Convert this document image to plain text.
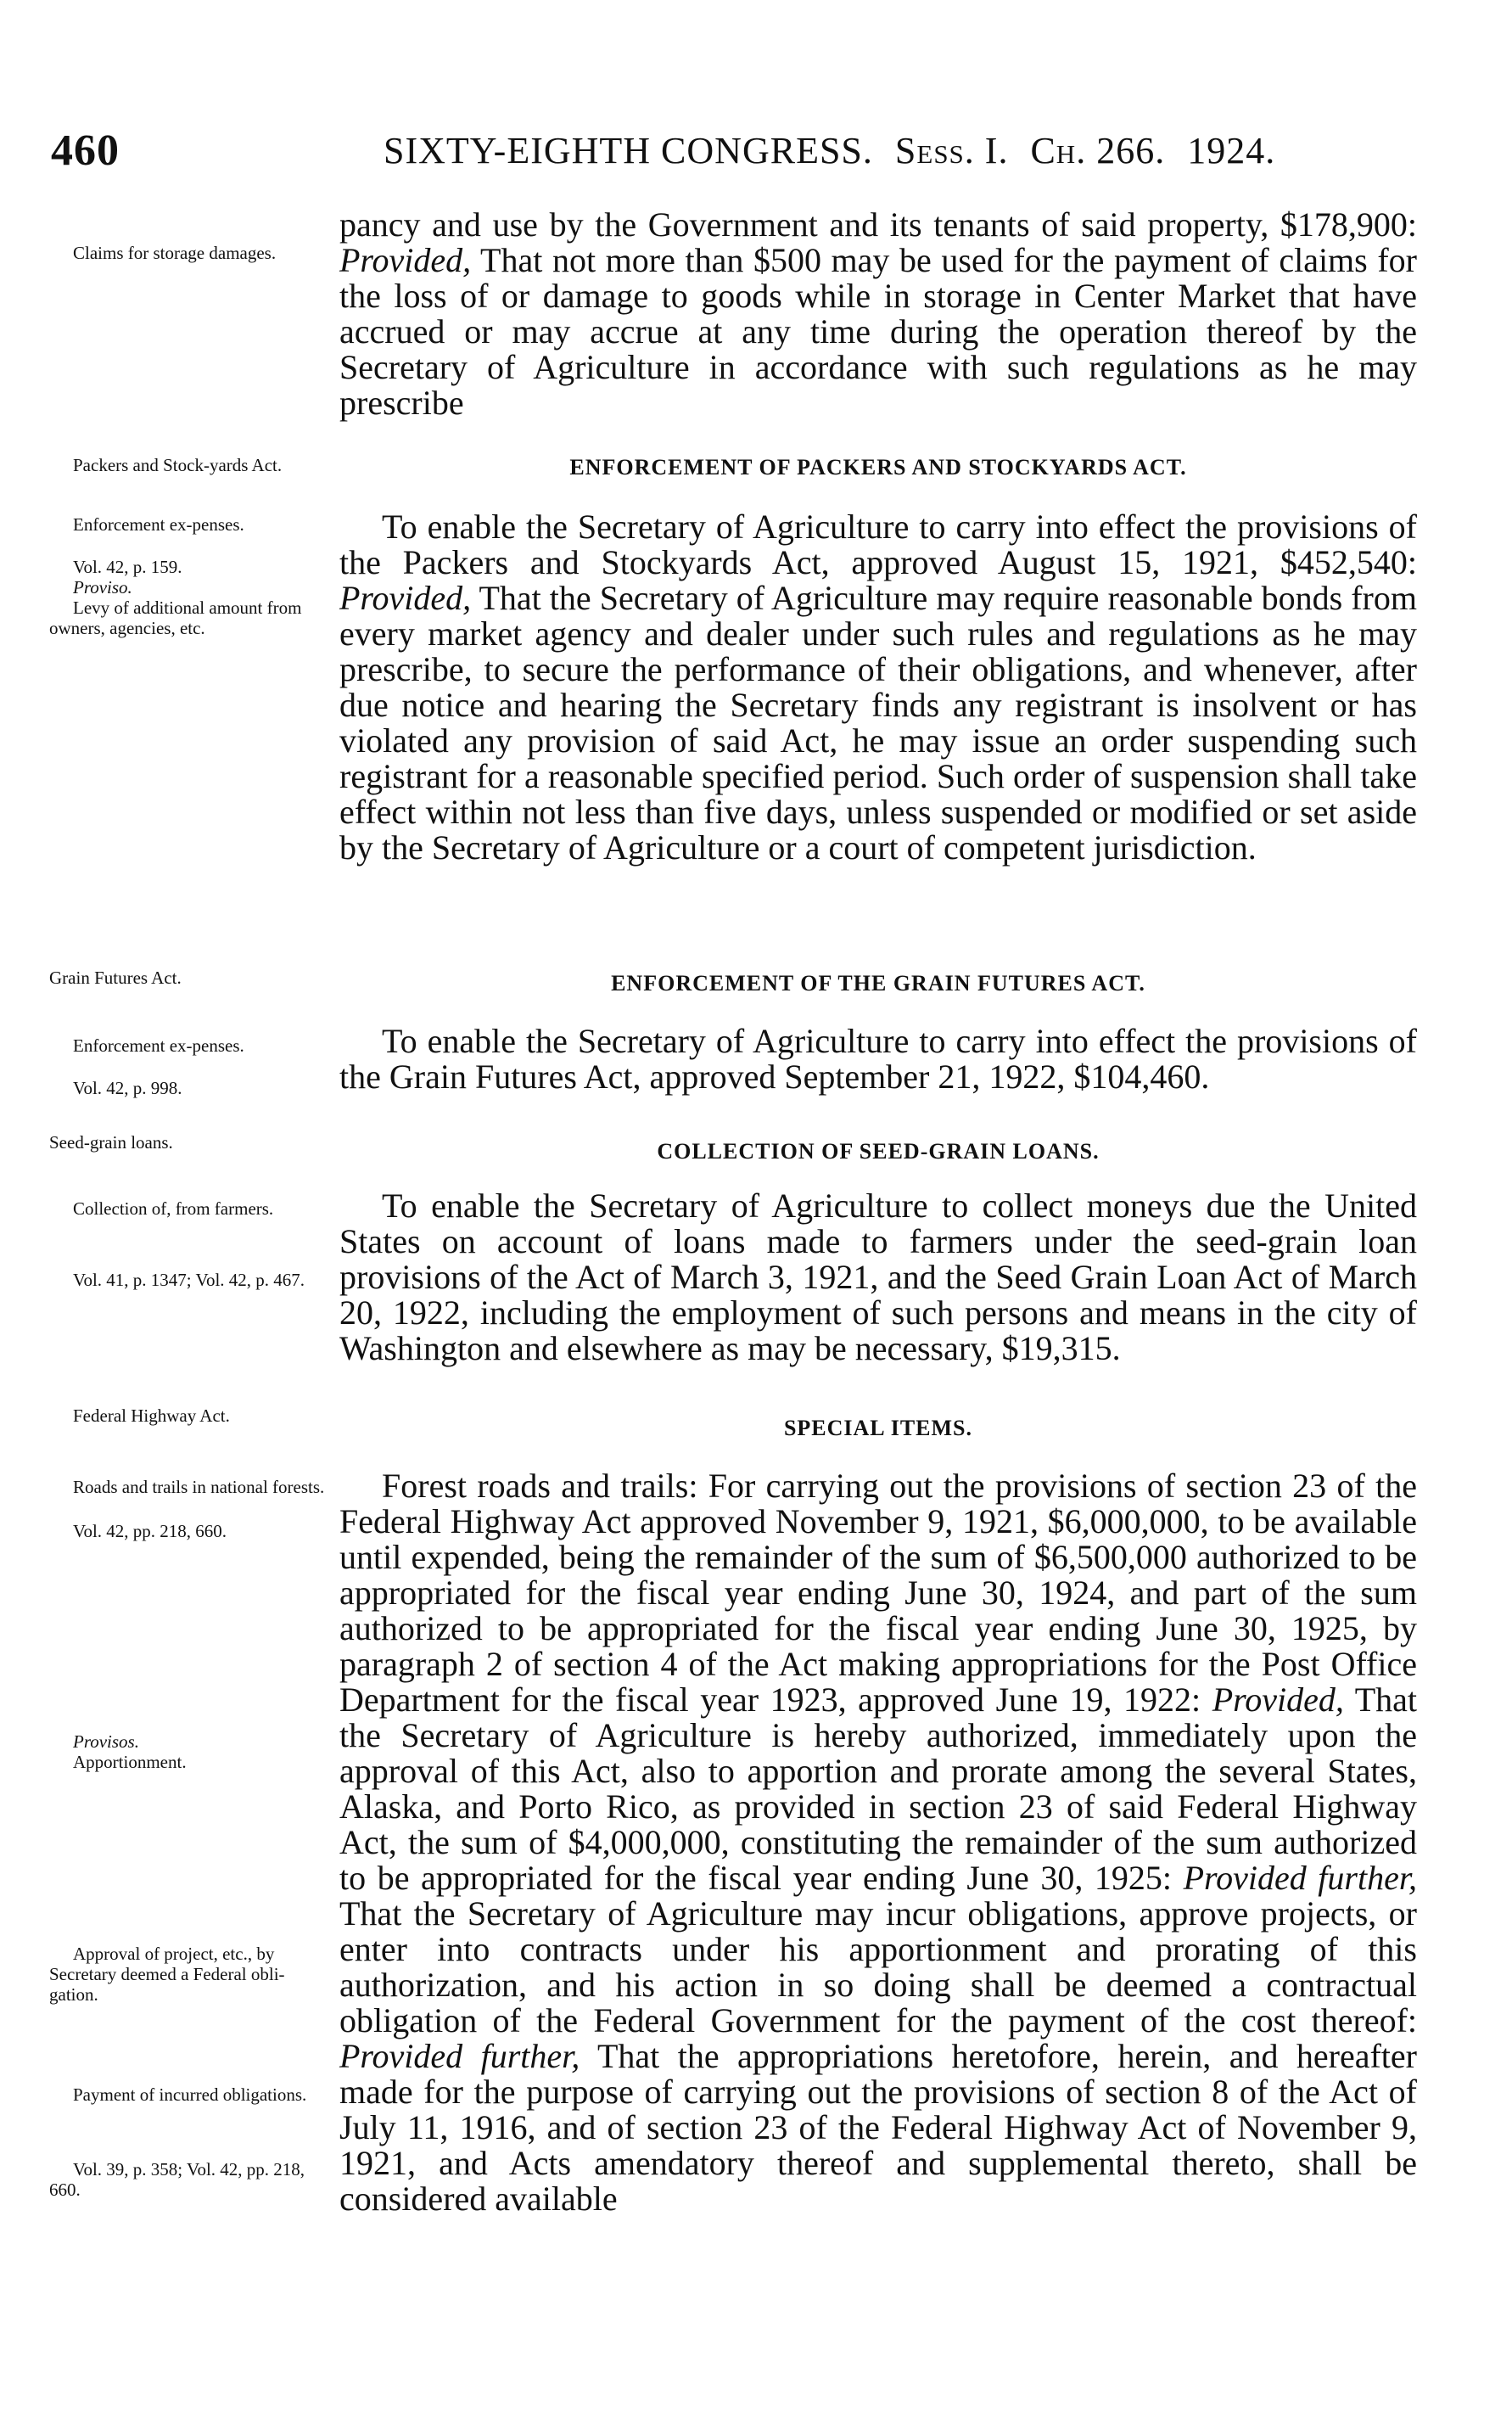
460	SIXTY-EIGHTH CONGRESS. Sess. I. Ch. 266. 1924.
Claims for storage damages.
Packers and Stock-yards Act.
Enforcement ex-penses.
Vol. 42, p. 159.
Proviso.
Levy of additional amount from owners, agencies, etc.
Grain Futures Act.
Enforcement ex-penses.
Vol. 42, p. 998.
Seed-grain loans.
Collection of, from farmers.
Vol. 41, p. 1347; Vol. 42, p. 467.
Federal Highway Act.
Roads and trails in national forests.
Vol. 42, pp. 218, 660.
Provisos.
Apportionment.
Approval of project, etc., by Secretary deemed a Federal obli-gation.
Payment of incurred obligations.
Vol. 39, p. 358; Vol. 42, pp. 218, 660.

pancy and use by the Government and its tenants of said property, $178,900: Provided, That not more than $500 may be used for the payment of claims for the loss of or damage to goods while in storage in Center Market that have accrued or may accrue at any time during the operation thereof by the Secretary of Agriculture in accordance with such regulations as he may prescribe

ENFORCEMENT OF PACKERS AND STOCKYARDS ACT.

To enable the Secretary of Agriculture to carry into effect the provisions of the Packers and Stockyards Act, approved August 15, 1921, $452,540: Provided, That the Secretary of Agriculture may require reasonable bonds from every market agency and dealer under such rules and regulations as he may prescribe, to secure the performance of their obligations, and whenever, after due notice and hearing the Secretary finds any registrant is insolvent or has violated any provision of said Act, he may issue an order suspending such registrant for a reasonable specified period. Such order of suspension shall take effect within not less than five days, unless suspended or modified or set aside by the Secretary of Agriculture or a court of competent jurisdiction.

ENFORCEMENT OF THE GRAIN FUTURES ACT.

To enable the Secretary of Agriculture to carry into effect the provisions of the Grain Futures Act, approved September 21, 1922, $104,460.

COLLECTION OF SEED-GRAIN LOANS.

To enable the Secretary of Agriculture to collect moneys due the United States on account of loans made to farmers under the seed-grain loan provisions of the Act of March 3, 1921, and the Seed Grain Loan Act of March 20, 1922, including the employment of such persons and means in the city of Washington and elsewhere as may be necessary, $19,315.

SPECIAL ITEMS.

Forest roads and trails: For carrying out the provisions of section 23 of the Federal Highway Act approved November 9, 1921, $6,000,000, to be available until expended, being the remainder of the sum of $6,500,000 authorized to be appropriated for the fiscal year ending June 30, 1924, and part of the sum authorized to be appropriated for the fiscal year ending June 30, 1925, by paragraph 2 of section 4 of the Act making appropriations for the Post Office Department for the fiscal year 1923, approved June 19, 1922: Provided, That the Secretary of Agriculture is hereby authorized, immediately upon the approval of this Act, also to apportion and prorate among the several States, Alaska, and Porto Rico, as provided in section 23 of said Federal Highway Act, the sum of $4,000,000, constituting the remainder of the sum authorized to be appropriated for the fiscal year ending June 30, 1925: Provided further, That the Secretary of Agriculture may incur obligations, approve projects, or enter into contracts under his apportionment and prorating of this authorization, and his action in so doing shall be deemed a contractual obligation of the Federal Government for the payment of the cost thereof: Provided further, That the appropriations heretofore, herein, and hereafter made for the purpose of carrying out the provisions of section 8 of the Act of July 11, 1916, and of section 23 of the Federal Highway Act of November 9, 1921, and Acts amendatory thereof and supplemental thereto, shall be considered available
